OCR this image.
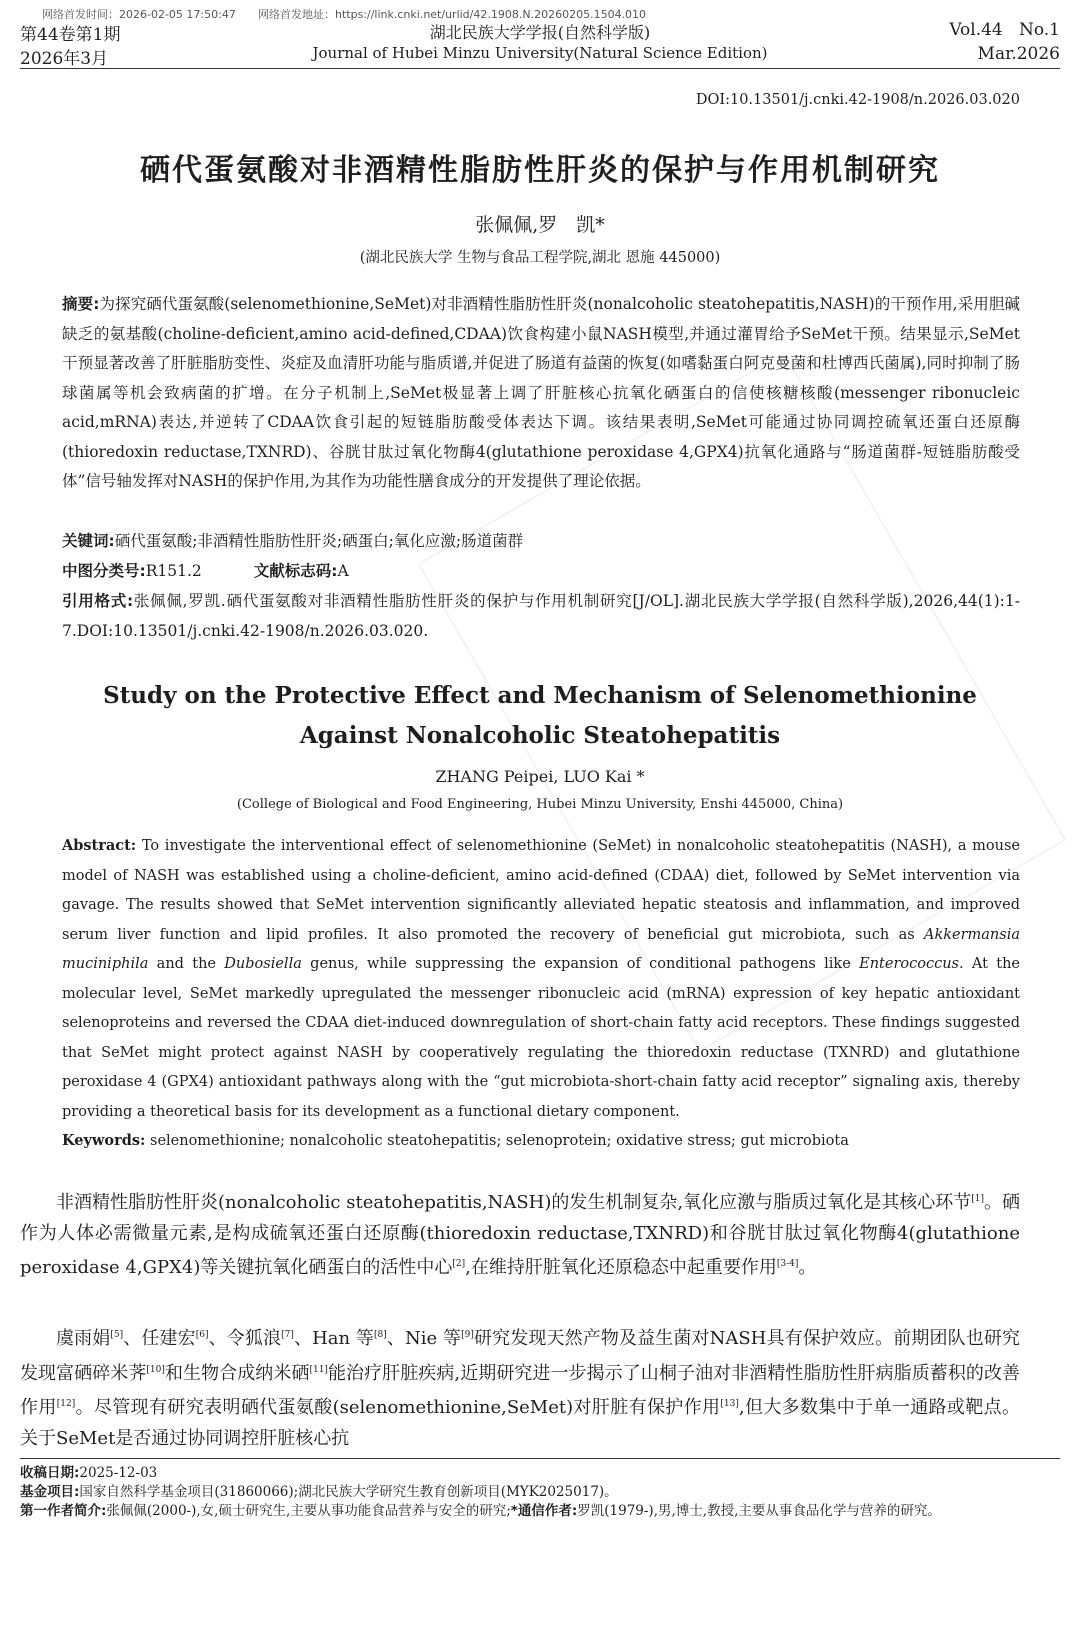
网络首发时间：2026-02-05 17:50:47 网络首发地址：https://link.cnki.net/urlid/42.1908.N.20260205.1504.010
第44卷第1期
2026年3月
湖北民族大学学报(自然科学版)
Journal of Hubei Minzu University(Natural Science Edition)
Vol.44   No.1
Mar.2026
DOI:10.13501/j.cnki.42-1908/n.2026.03.020
硒代蛋氨酸对非酒精性脂肪性肝炎的保护与作用机制研究
张佩佩,罗　凯*
(湖北民族大学 生物与食品工程学院,湖北 恩施 445000)
摘要:为探究硒代蛋氨酸(selenomethionine,SeMet)对非酒精性脂肪性肝炎(nonalcoholic steatohepatitis,NASH)的干预作用,采用胆碱缺乏的氨基酸(choline-deficient,amino acid-defined,CDAA)饮食构建小鼠NASH模型,并通过灌胃给予SeMet干预。结果显示,SeMet干预显著改善了肝脏脂肪变性、炎症及血清肝功能与脂质谱,并促进了肠道有益菌的恢复(如嗜黏蛋白阿克曼菌和杜博西氏菌属),同时抑制了肠球菌属等机会致病菌的扩增。在分子机制上,SeMet极显著上调了肝脏核心抗氧化硒蛋白的信使核糖核酸(messenger ribonucleic acid,mRNA)表达,并逆转了CDAA饮食引起的短链脂肪酸受体表达下调。该结果表明,SeMet可能通过协同调控硫氧还蛋白还原酶(thioredoxin reductase,TXNRD)、谷胱甘肽过氧化物酶4(glutathione peroxidase 4,GPX4)抗氧化通路与“肠道菌群-短链脂肪酸受体”信号轴发挥对NASH的保护作用,为其作为功能性膳食成分的开发提供了理论依据。
关键词:硒代蛋氨酸;非酒精性脂肪性肝炎;硒蛋白;氧化应激;肠道菌群
中图分类号:R151.2	文献标志码:A
引用格式:张佩佩,罗凯.硒代蛋氨酸对非酒精性脂肪性肝炎的保护与作用机制研究[J/OL].湖北民族大学学报(自然科学版),2026,44(1):1-7.DOI:10.13501/j.cnki.42-1908/n.2026.03.020.
Study on the Protective Effect and Mechanism of Selenomethionine
Against Nonalcoholic Steatohepatitis
ZHANG Peipei, LUO Kai *
(College of Biological and Food Engineering, Hubei Minzu University, Enshi 445000, China)
Abstract: To investigate the interventional effect of selenomethionine (SeMet) in nonalcoholic steatohepatitis (NASH), a mouse model of NASH was established using a choline-deficient, amino acid-defined (CDAA) diet, followed by SeMet intervention via gavage. The results showed that SeMet intervention significantly alleviated hepatic steatosis and inflammation, and improved serum liver function and lipid profiles. It also promoted the recovery of beneficial gut microbiota, such as Akkermansia muciniphila and the Dubosiella genus, while suppressing the expansion of conditional pathogens like Enterococcus. At the molecular level, SeMet markedly upregulated the messenger ribonucleic acid (mRNA) expression of key hepatic antioxidant selenoproteins and reversed the CDAA diet-induced downregulation of short-chain fatty acid receptors. These findings suggested that SeMet might protect against NASH by cooperatively regulating the thioredoxin reductase (TXNRD) and glutathione peroxidase 4 (GPX4) antioxidant pathways along with the “gut microbiota-short-chain fatty acid receptor” signaling axis, thereby providing a theoretical basis for its development as a functional dietary component.
Keywords: selenomethionine; nonalcoholic steatohepatitis; selenoprotein; oxidative stress; gut microbiota
非酒精性脂肪性肝炎(nonalcoholic steatohepatitis,NASH)的发生机制复杂,氧化应激与脂质过氧化是其核心环节[1]。硒作为人体必需微量元素,是构成硫氧还蛋白还原酶(thioredoxin reductase,TXNRD)和谷胱甘肽过氧化物酶4(glutathione peroxidase 4,GPX4)等关键抗氧化硒蛋白的活性中心[2],在维持肝脏氧化还原稳态中起重要作用[3-4]。
虞雨娟[5]、任建宏[6]、令狐浪[7]、Han 等[8]、Nie 等[9]研究发现天然产物及益生菌对NASH具有保护效应。前期团队也研究发现富硒碎米荠[10]和生物合成纳米硒[11]能治疗肝脏疾病,近期研究进一步揭示了山桐子油对非酒精性脂肪性肝病脂质蓄积的改善作用[12]。尽管现有研究表明硒代蛋氨酸(selenomethionine,SeMet)对肝脏有保护作用[13],但大多数集中于单一通路或靶点。关于SeMet是否通过协同调控肝脏核心抗
收稿日期:2025-12-03
基金项目:国家自然科学基金项目(31860066);湖北民族大学研究生教育创新项目(MYK2025017)。
第一作者简介:张佩佩(2000-),女,硕士研究生,主要从事功能食品营养与安全的研究;*通信作者:罗凯(1979-),男,博士,教授,主要从事食品化学与营养的研究。
